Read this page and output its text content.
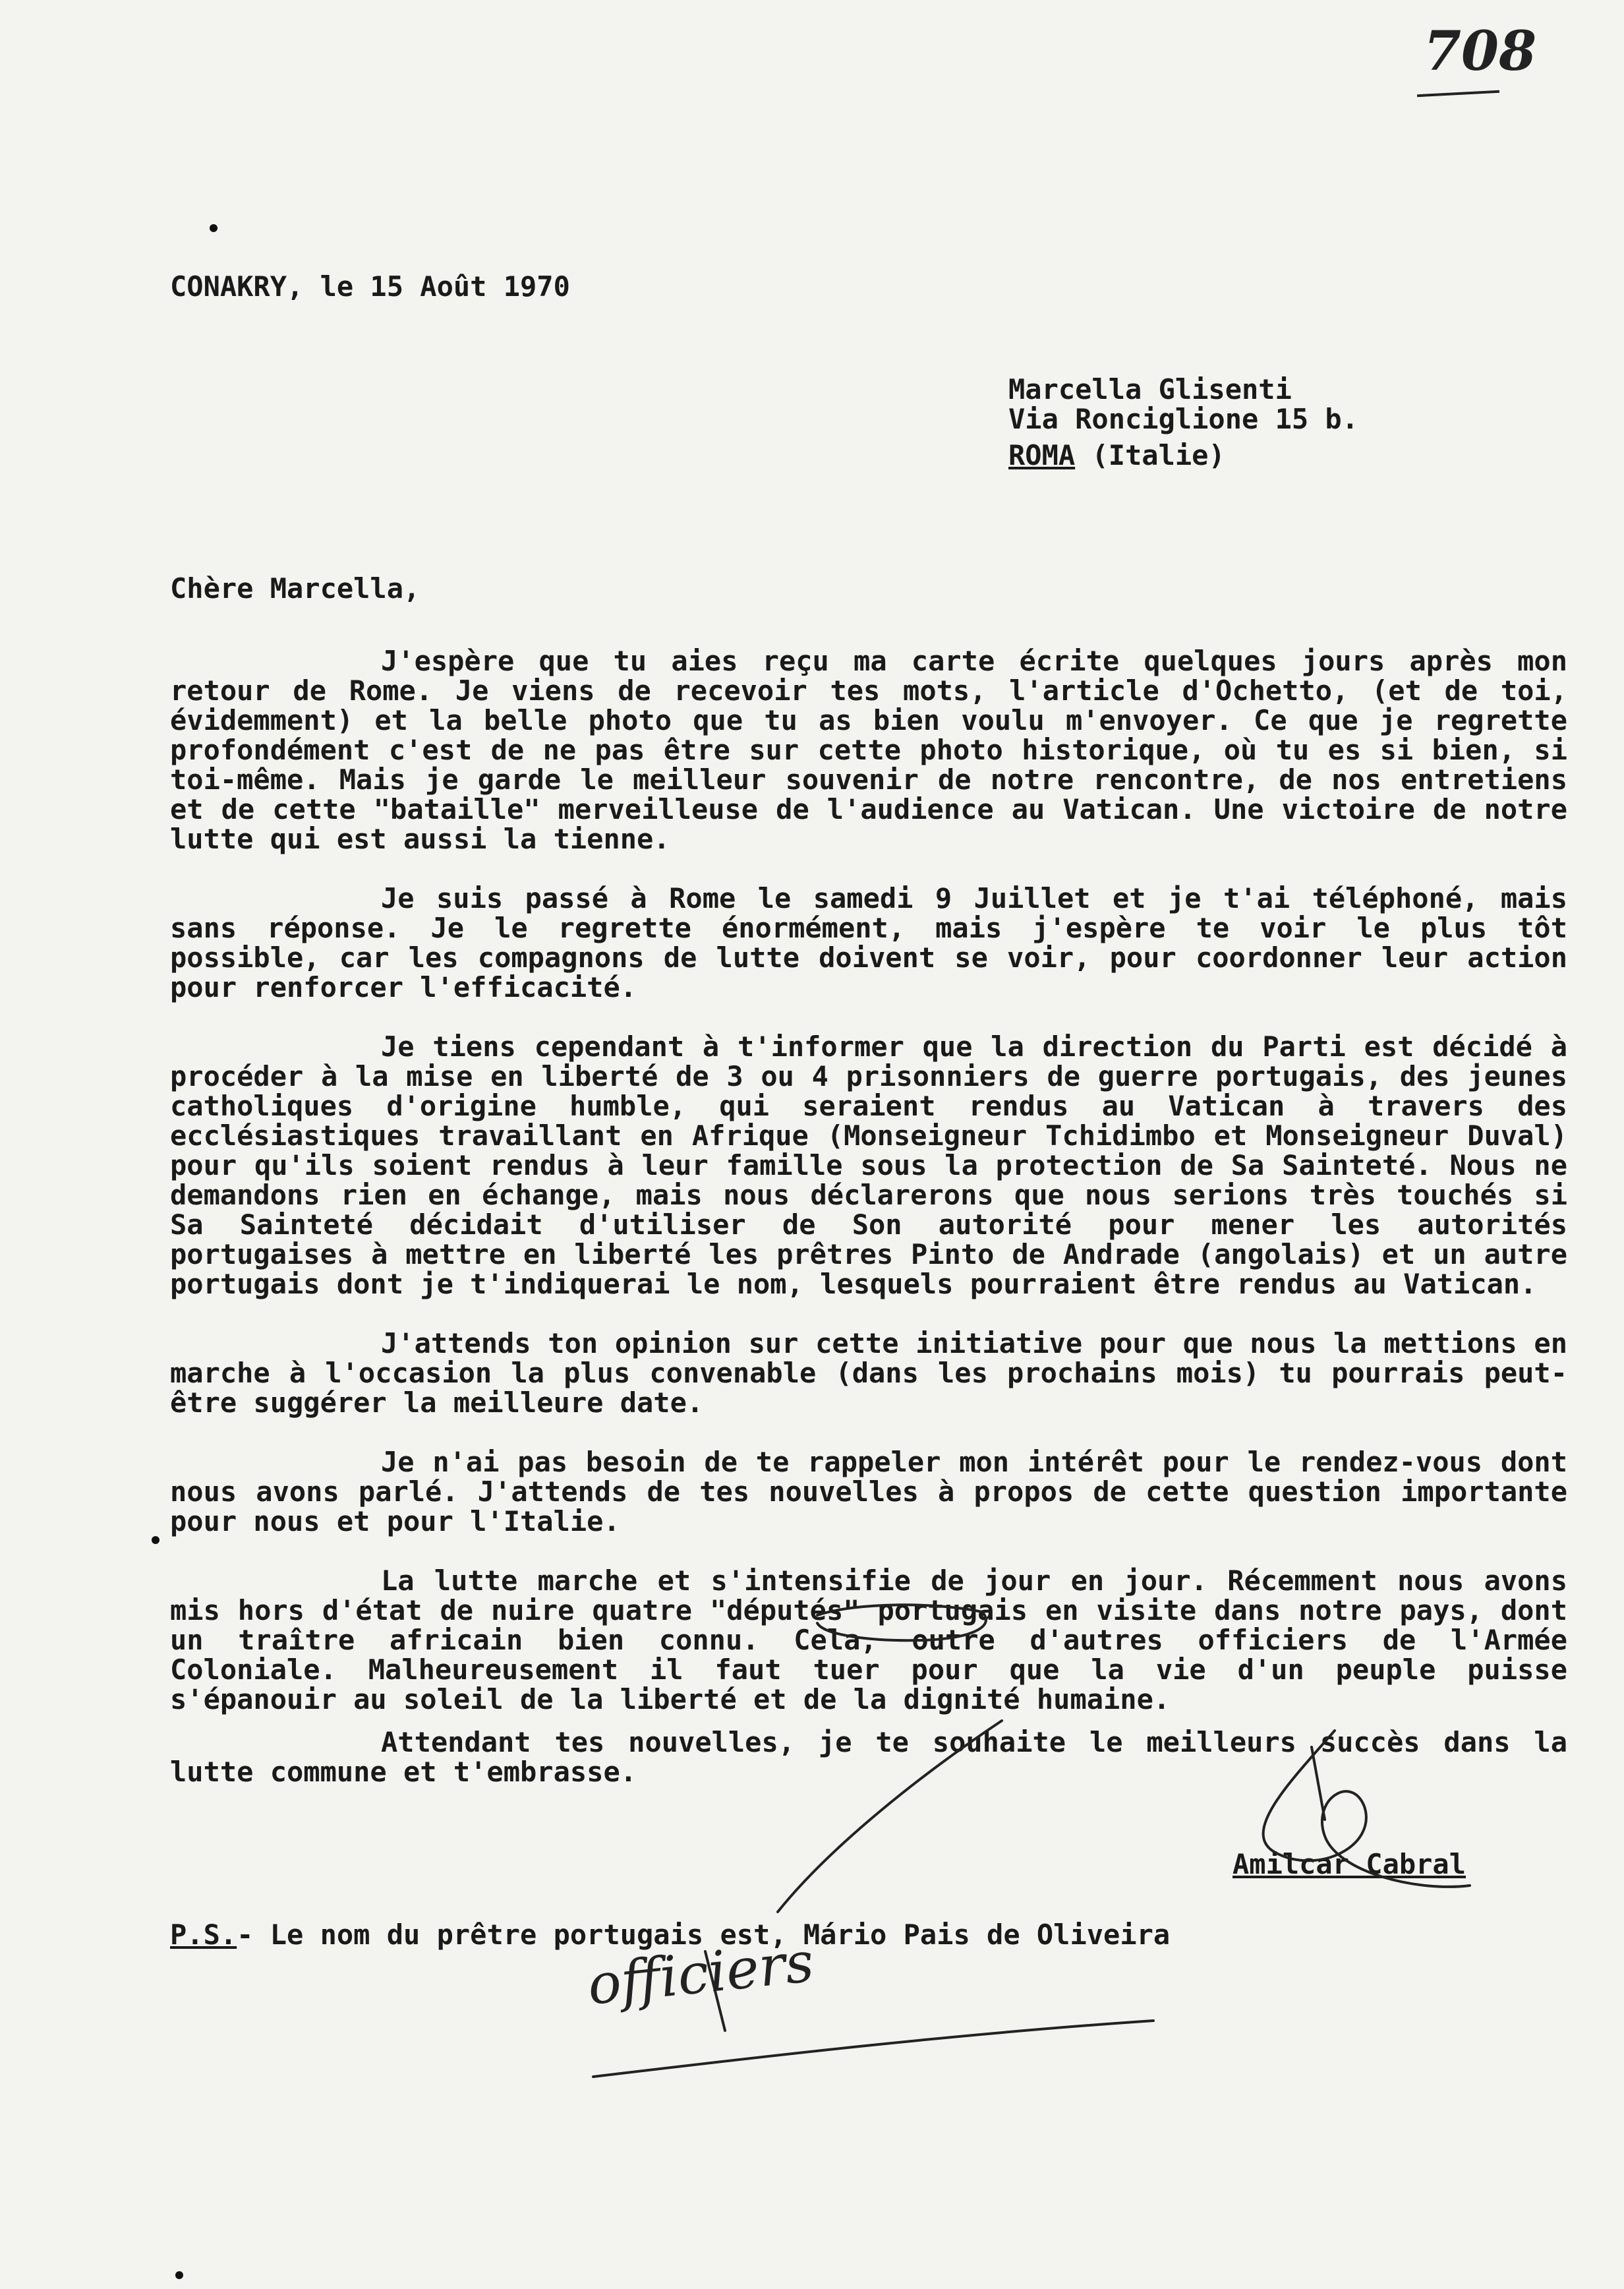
708
CONAKRY, le 15 Août 1970
Marcella Glisenti
Via Ronciglione 15 b.
ROMA (Italie)
Chère Marcella,

J'espère que tu aies reçu ma carte écrite quelques jours après mon retour de Rome. Je viens de recevoir tes mots, l'article d'Ochetto, (et de toi, évidemment) et la belle photo que tu as bien voulu m'envoyer. Ce que je regrette profondément c'est de ne pas être sur cette photo historique, où tu es si bien, si toi-même. Mais je garde le meilleur souvenir de notre rencontre, de nos entretiens et de cette "bataille" merveilleuse de l'audience au Vatican. Une victoire de notre lutte qui est aussi la tienne.

Je suis passé à Rome le samedi 9 Juillet et je t'ai téléphoné, mais sans réponse. Je le regrette énormément, mais j'espère te voir le plus tôt possible, car les compagnons de lutte doivent se voir, pour coordonner leur action pour renforcer l'efficacité.

Je tiens cependant à t'informer que la direction du Parti est décidé à procéder à la mise en liberté de 3 ou 4 prisonniers de guerre portugais, des jeunes catholiques d'origine humble, qui seraient rendus au Vatican à travers des ecclésiastiques travaillant en Afrique (Monseigneur Tchidimbo et Monseigneur Duval) pour qu'ils soient rendus à leur famille sous la protection de Sa Sainteté. Nous ne demandons rien en échange, mais nous déclarerons que nous serions très touchés si Sa Sainteté décidait d'utiliser de Son autorité pour mener les autorités portugaises à mettre en liberté les prêtres Pinto de Andrade (angolais) et un autre portugais dont je t'indiquerai le nom, lesquels pourraient être rendus au Vatican.

J'attends ton opinion sur cette initiative pour que nous la mettions en marche à l'occasion la plus convenable (dans les prochains mois) tu pourrais peut-être suggérer la meilleure date.

Je n'ai pas besoin de te rappeler mon intérêt pour le rendez-vous dont nous avons parlé. J'attends de tes nouvelles à propos de cette question importante pour nous et pour l'Italie.

La lutte marche et s'intensifie de jour en jour. Récemment nous avons mis hors d'état de nuire quatre "députés" portugais en visite dans notre pays, dont un traître africain bien connu. Cela, outre d'autres officiers de l'Armée Coloniale. Malheureusement il faut tuer pour que la vie d'un peuple puisse s'épanouir au soleil de la liberté et de la dignité humaine.

Attendant tes nouvelles, je te souhaite le meilleurs succès dans la lutte commune et t'embrasse.

Amilcar Cabral
P.S.- Le nom du prêtre portugais est, Mário Pais de Oliveira
officiers
